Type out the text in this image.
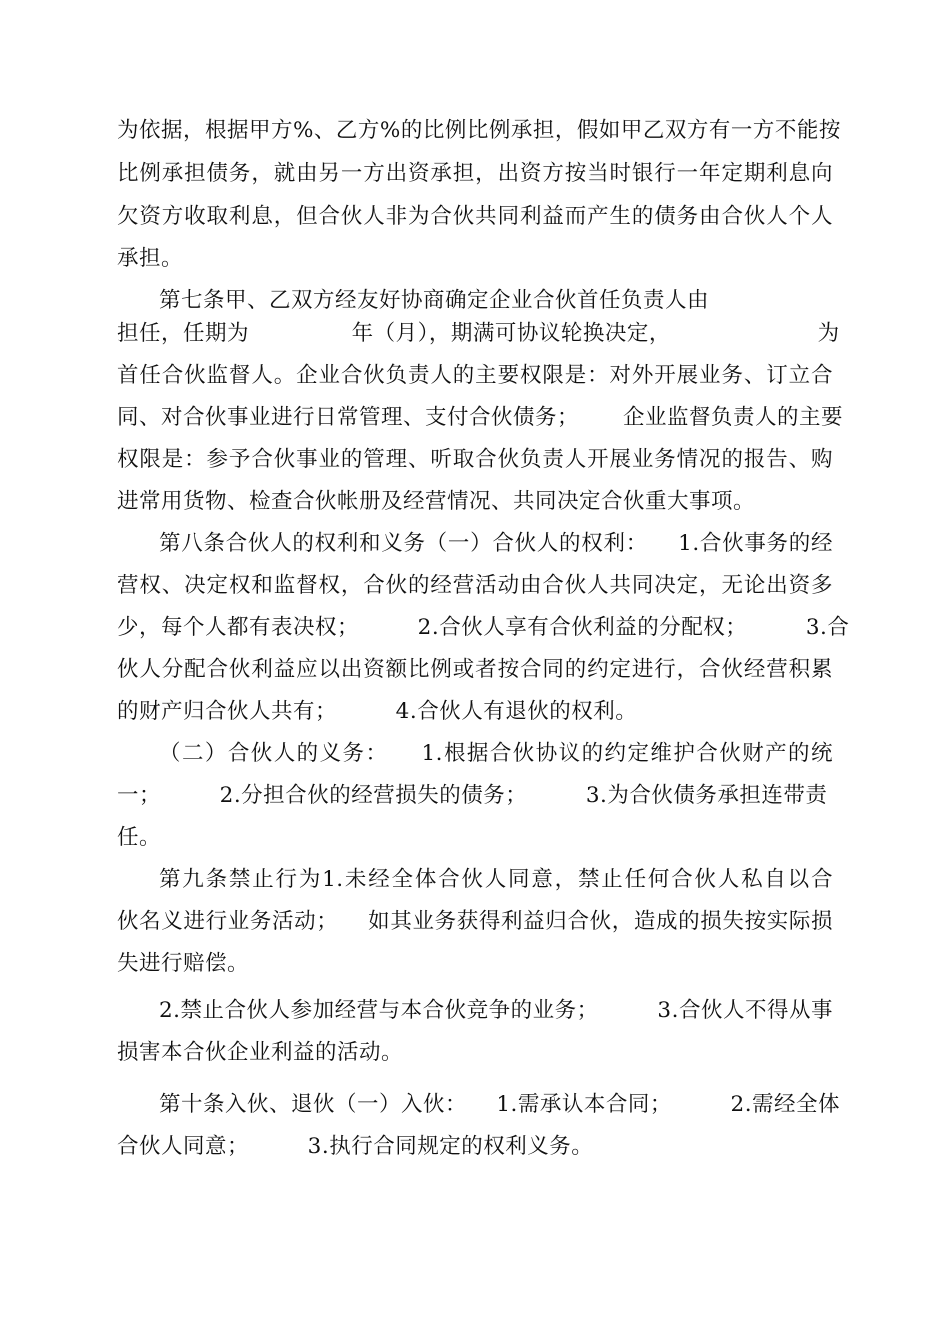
为依据，根据甲方%、乙方%的比例比例承担，假如甲乙双方有一方不能按
比例承担债务，就由另一方出资承担，出资方按当时银行一年定期利息向
欠资方收取利息，但合伙人非为合伙共同利益而产生的债务由合伙人个人
承担。
第七条甲、乙双方经友好协商确定企业合伙首任负责人由
担任，任期为              年（月），期满可协议轮换决定，                    为
首任合伙监督人。企业合伙负责人的主要权限是：对外开展业务、订立合
同、对合伙事业进行日常管理、支付合伙债务；      企业监督负责人的主要
权限是：参予合伙事业的管理、听取合伙负责人开展业务情况的报告、购
进常用货物、检查合伙帐册及经营情况、共同决定合伙重大事项。
第八条合伙人的权利和义务（一）合伙人的权利：    1.合伙事务的经
营权、决定权和监督权，合伙的经营活动由合伙人共同决定，无论出资多
少，每个人都有表决权；        2.合伙人享有合伙利益的分配权；        3.合
伙人分配合伙利益应以出资额比例或者按合同的约定进行，合伙经营积累
的财产归合伙人共有；        4.合伙人有退伙的权利。
（二）合伙人的义务：    1.根据合伙协议的约定维护合伙财产的统
一；        2.分担合伙的经营损失的债务；        3.为合伙债务承担连带责
任。
第九条禁止行为1.未经全体合伙人同意，禁止任何合伙人私自以合
伙名义进行业务活动；    如其业务获得利益归合伙，造成的损失按实际损
失进行赔偿。
2.禁止合伙人参加经营与本合伙竞争的业务；        3.合伙人不得从事
损害本合伙企业利益的活动。
第十条入伙、退伙（一）入伙：    1.需承认本合同；        2.需经全体
合伙人同意；        3.执行合同规定的权利义务。
